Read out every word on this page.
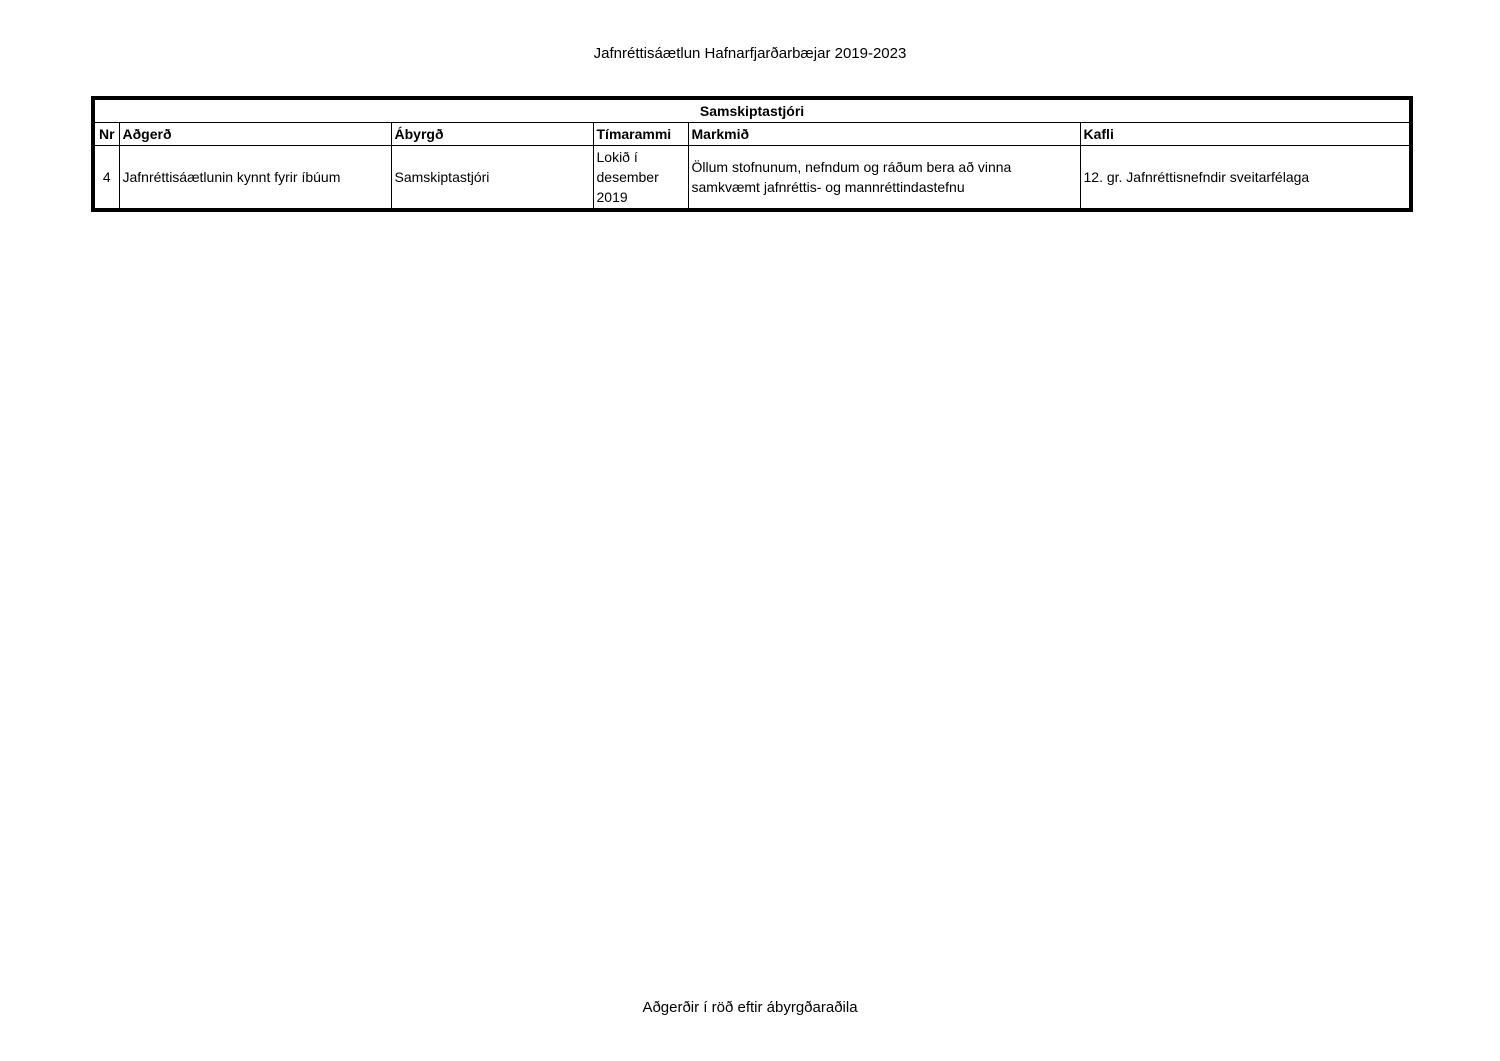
Jafnréttisáætlun Hafnarfjarðarbæjar 2019-2023
Samskiptastjóri					
Nr	Aðgerð	Ábyrgð	Tímarammi	Markmið	Kafli
4	Jafnréttisáætlunin kynnt fyrir íbúum	Samskiptastjóri	Lokið í desember 2019	Öllum stofnunum, nefndum og ráðum bera að vinna samkvæmt jafnréttis- og mannréttindastefnu	12. gr. Jafnréttisnefndir sveitarfélaga
Aðgerðir í röð eftir ábyrgðaraðila
